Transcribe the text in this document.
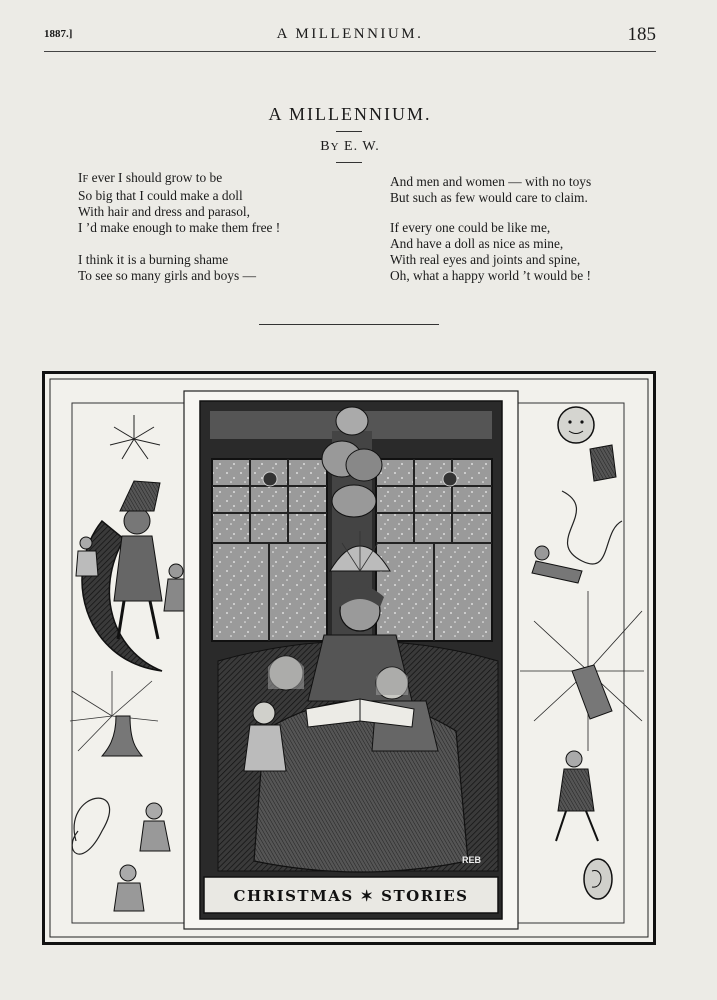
1887.]	A MILLENNIUM.	185
A MILLENNIUM.
BY E. W.
IF ever I should grow to be
So big that I could make a doll
With hair and dress and parasol,
I ’d make enough to make them free !
I think it is a burning shame
To see so many girls and boys —
And men and women — with no toys
But such as few would care to claim.
If every one could be like me,
And have a doll as nice as mine,
With real eyes and joints and spine,
Oh, what a happy world ’t would be !
REB
CHRISTMAS ✶ STORIES
